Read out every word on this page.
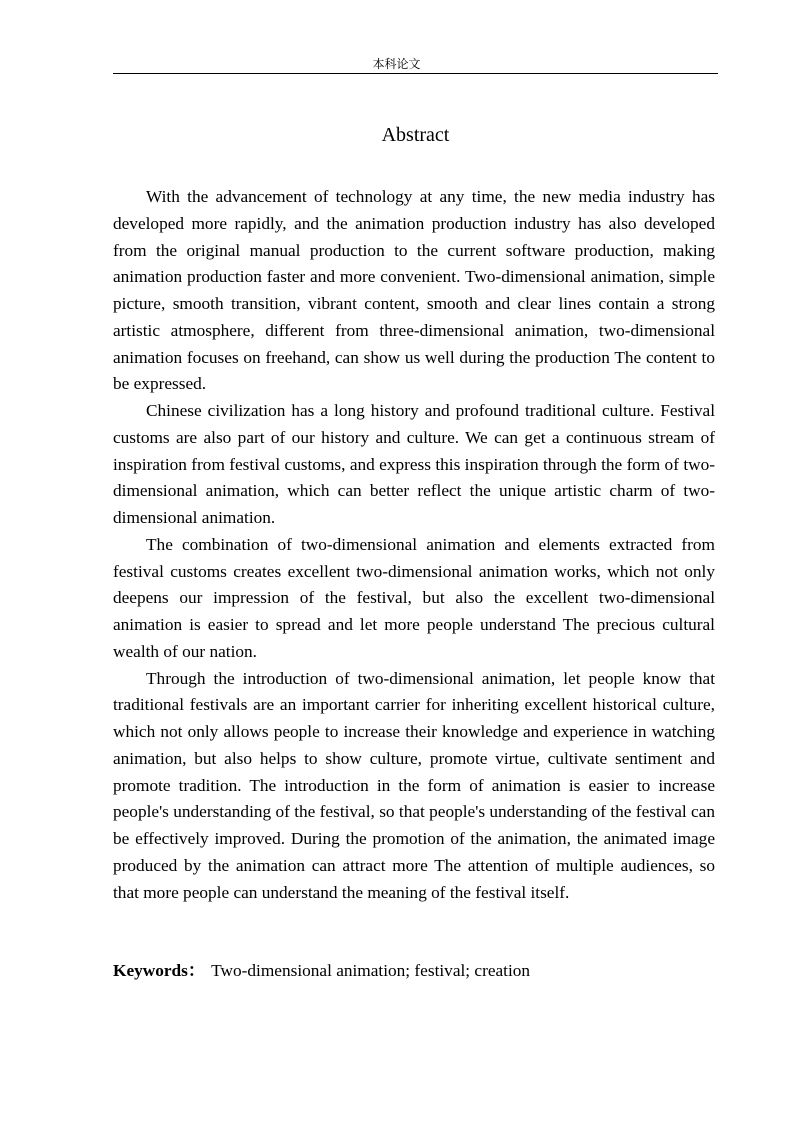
本科论文
Abstract

With the advancement of technology at any time, the new media industry has developed more rapidly, and the animation production industry has also developed from the original manual production to the current software production, making animation production faster and more convenient. Two-dimensional animation, simple picture, smooth transition, vibrant content, smooth and clear lines contain a strong artistic atmosphere, different from three-dimensional animation, two-dimensional animation focuses on freehand, can show us well during the production The content to be expressed.

Chinese civilization has a long history and profound traditional culture. Festival customs are also part of our history and culture. We can get a continuous stream of inspiration from festival customs, and express this inspiration through the form of two-dimensional animation, which can better reflect the unique artistic charm of two-dimensional animation.

The combination of two-dimensional animation and elements extracted from festival customs creates excellent two-dimensional animation works, which not only deepens our impression of the festival, but also the excellent two-dimensional animation is easier to spread and let more people understand The precious cultural wealth of our nation.

Through the introduction of two-dimensional animation, let people know that traditional festivals are an important carrier for inheriting excellent historical culture, which not only allows people to increase their knowledge and experience in watching animation, but also helps to show culture, promote virtue, cultivate sentiment and promote tradition. The introduction in the form of animation is easier to increase people's understanding of the festival, so that people's understanding of the festival can be effectively improved. During the promotion of the animation, the animated image produced by the animation can attract more The attention of multiple audiences, so that more people can understand the meaning of the festival itself.

Keywords： Two-dimensional animation; festival; creation
